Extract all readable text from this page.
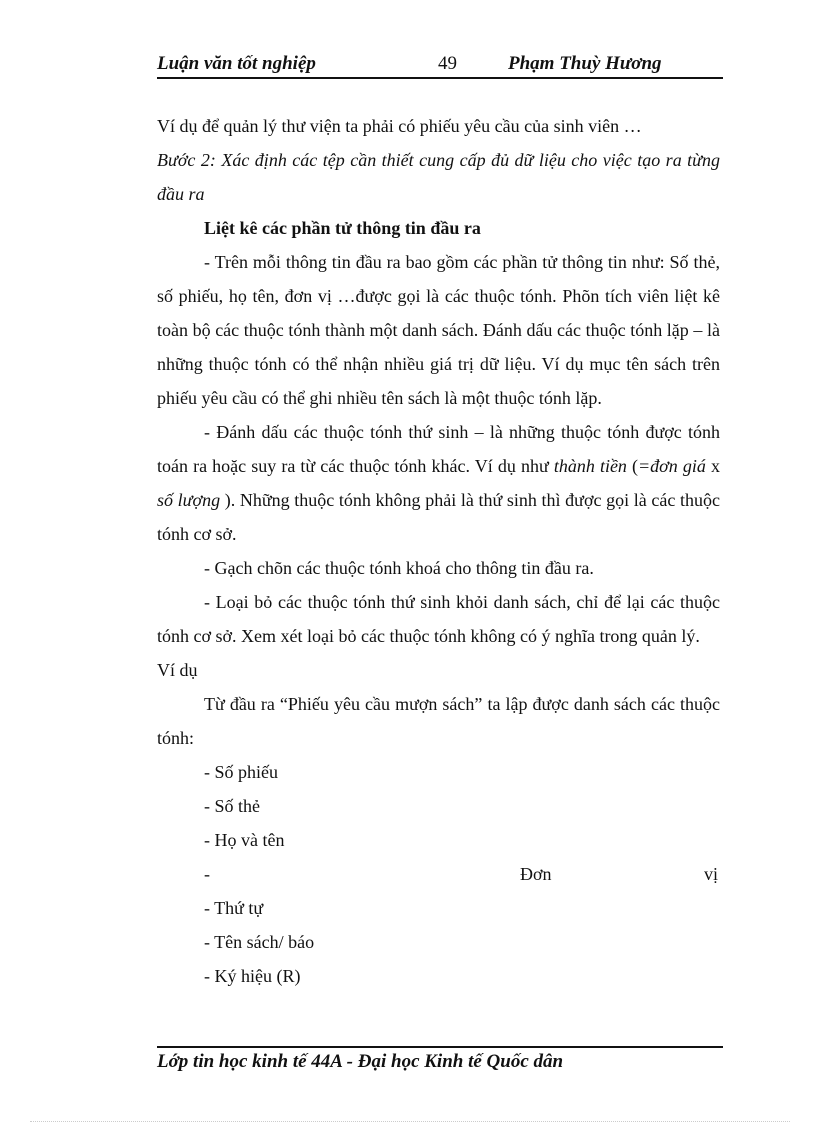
Luận văn tốt nghiệp	49	Phạm Thuỳ Hương

Ví dụ để quản lý thư viện ta phải có phiếu yêu cầu của sinh viên …

Bước 2: Xác định các tệp cần thiết cung cấp đủ dữ liệu cho việc tạo ra từng đầu ra

Liệt kê các phần tử thông tin đầu ra

- Trên mỗi thông tin đầu ra bao gồm các phần tử thông tin như: Số thẻ, số phiếu, họ tên, đơn vị …được gọi là các thuộc tónh. Phõn tích viên liệt kê toàn bộ các thuộc tónh thành một danh sách. Đánh dấu các thuộc tónh lặp – là những thuộc tónh có thể nhận nhiều giá trị dữ liệu. Ví dụ mục tên sách trên phiếu yêu cầu có thể ghi nhiều tên sách là một thuộc tónh lặp.

- Đánh dấu các thuộc tónh thứ sinh – là những thuộc tónh được tónh toán ra hoặc suy ra từ các thuộc tónh khác. Ví dụ như thành tiền (=đơn giá x số lượng ). Những thuộc tónh không phải là thứ sinh thì được gọi là các thuộc tónh cơ sở.

- Gạch chõn các thuộc tónh khoá cho thông tin đầu ra.

- Loại bỏ các thuộc tónh thứ sinh khỏi danh sách, chỉ để lại các thuộc tónh cơ sở. Xem xét loại bỏ các thuộc tónh không có ý nghĩa trong quản lý.

Ví dụ

Từ đầu ra “Phiếu yêu cầu mượn sách” ta lập được danh sách các thuộc tónh:

- Số phiếu

- Số thẻ

- Họ và tên

-	Đơn	vị

- Thứ tự

- Tên sách/ báo

- Ký hiệu (R)

Lớp tin học kinh tế 44A - Đại học Kinh tế Quốc dân
